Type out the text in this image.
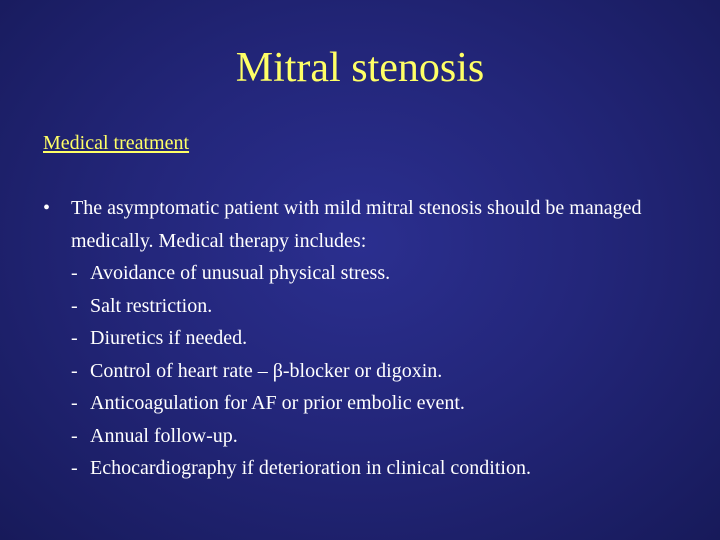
Mitral stenosis
Medical treatment
•	The asymptomatic patient with mild mitral stenosis should be managed medically. Medical therapy includes:
- Avoidance of unusual physical stress.
- Salt restriction.
- Diuretics if needed.
- Control of heart rate – β-blocker or digoxin.
- Anticoagulation for AF or prior embolic event.
- Annual follow-up.
- Echocardiography if deterioration in clinical condition.
